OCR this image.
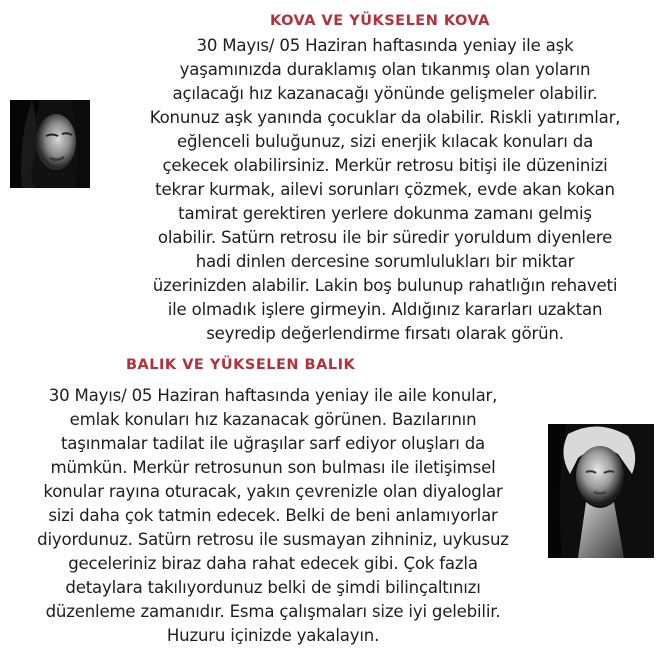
KOVA VE YÜKSELEN KOVA
30 Mayıs/ 05 Haziran haftasında yeniay ile aşk
yaşamınızda duraklamış olan tıkanmış olan yoların
açılacağı hız kazanacağı yönünde gelişmeler olabilir.
Konunuz aşk yanında çocuklar da olabilir. Riskli yatırımlar,
eğlenceli buluğunuz, sizi enerjik kılacak konuları da
çekecek olabilirsiniz. Merkür retrosu bitişi ile düzeninizi
tekrar kurmak, ailevi sorunları çözmek, evde akan kokan
tamirat gerektiren yerlere dokunma zamanı gelmiş
olabilir. Satürn retrosu ile bir süredir yoruldum diyenlere
hadi dinlen dercesine sorumlulukları bir miktar
üzerinizden alabilir. Lakin boş bulunup rahatlığın rehaveti
ile olmadık işlere girmeyin. Aldığınız kararları uzaktan
seyredip değerlendirme fırsatı olarak görün.
BALIK VE YÜKSELEN BALIK
30 Mayıs/ 05 Haziran haftasında yeniay ile aile konular,
emlak konuları hız kazanacak görünen. Bazılarının
taşınmalar tadilat ile uğraşılar sarf ediyor oluşları da
mümkün. Merkür retrosunun son bulması ile iletişimsel
konular rayına oturacak, yakın çevrenizle olan diyaloglar
sizi daha çok tatmin edecek. Belki de beni anlamıyorlar
diyordunuz. Satürn retrosu ile susmayan zihniniz, uykusuz
geceleriniz biraz daha rahat edecek gibi. Çok fazla
detaylara takılıyordunuz belki de şimdi bilinçaltınızı
düzenleme zamanıdır. Esma çalışmaları size iyi gelebilir.
Huzuru içinizde yakalayın.
